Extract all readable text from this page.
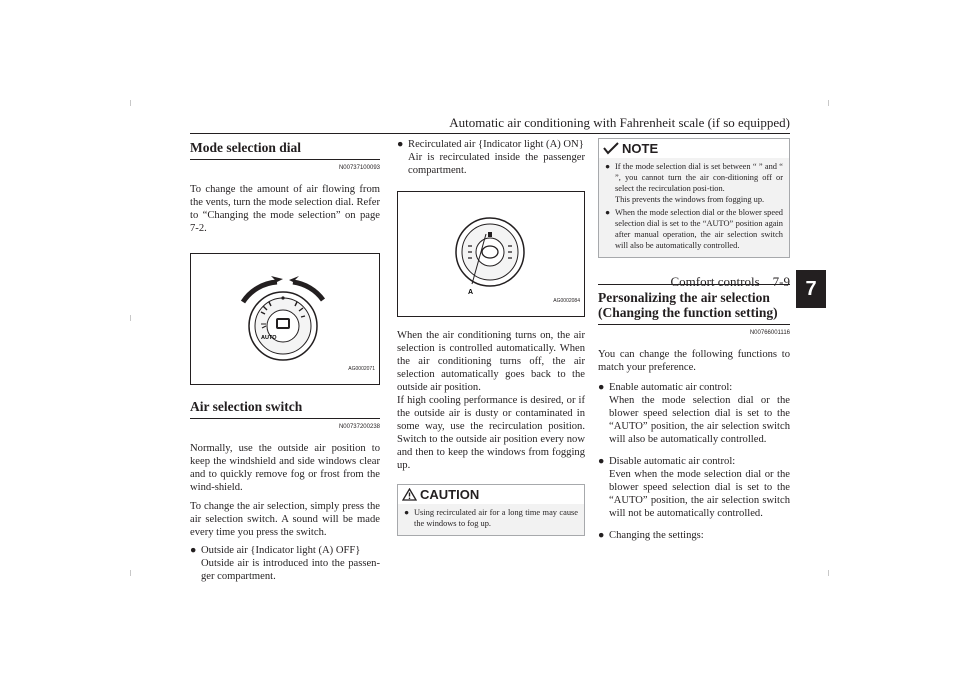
Automatic air conditioning with Fahrenheit scale (if so equipped)
Comfort controls    7-9 7

Mode selection dial

N00737100093

To change the amount of air flowing from the vents, turn the mode selection dial. Refer to “Changing the mode selection” on page 7-2.

AUTO
AG0002071

Air selection switch

N00737200238

Normally, use the outside air position to keep the windshield and side windows clear and to quickly remove fog or frost from the wind-shield.

To change the air selection, simply press the air selection switch. A sound will be made every time you press the switch.

● Outside air {Indicator light (A) OFF}

Outside air is introduced into the passen-ger compartment.

● Recirculated air {Indicator light (A) ON}

Air is recirculated inside the passenger compartment.

A
AG0002084

When the air conditioning turns on, the air selection is controlled automatically. When the air conditioning turns off, the air selection automatically goes back to the outside air position.

If high cooling performance is desired, or if the outside air is dusty or contaminated in some way, use the recirculation position. Switch to the outside air position every now and then to keep the windows from fogging up.

CAUTION
● Using recirculated air for a long time may cause the windows to fog up.
NOTE
● If the mode selection dial is set between “ ” and “ ”, you cannot turn the air con-ditioning off or select the recirculation posi-tion.

This prevents the windows from fogging up.

● When the mode selection dial or the blower speed selection dial is set to the “AUTO” position again after manual operation, the air selection switch will also be automatically controlled.

Personalizing the air selection (Changing the function setting)

N00766001116

You can change the following functions to match your preference.

● Enable automatic air control:

When the mode selection dial or the blower speed selection dial is set to the “AUTO” position, the air selection switch will also be automatically controlled.

● Disable automatic air control:

Even when the mode selection dial or the blower speed selection dial is set to the “AUTO” position, the air selection switch will not be automatically controlled.

● Changing the settings:
